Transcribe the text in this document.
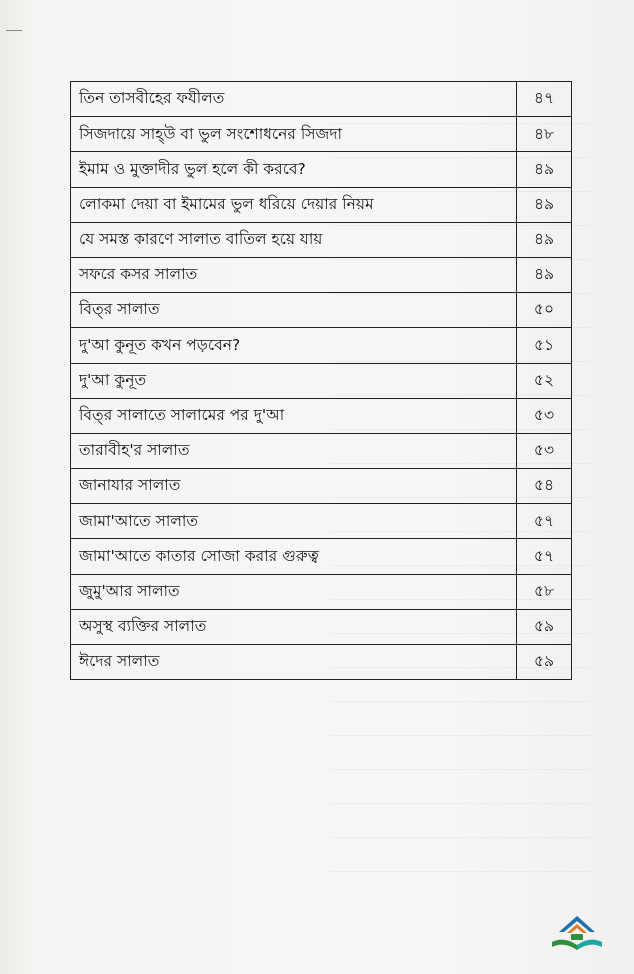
তিন তাসবীহের ফযীলত	৪৭
সিজদায়ে সাহ্উ বা ভুল সংশোধনের সিজদা	৪৮
ইমাম ও মুক্তাদীর ভুল হলে কী করবে?	৪৯
লোকমা দেয়া বা ইমামের ভুল ধরিয়ে দেয়ার নিয়ম	৪৯
যে সমস্ত কারণে সালাত বাতিল হয়ে যায়	৪৯
সফরে কসর সালাত	৪৯
বিত্‌র সালাত	৫০
দু'আ কুনূত কখন পড়বেন?	৫১
দু'আ কুনূত	৫২
বিত্‌র সালাতে সালামের পর দু'আ	৫৩
তারাবীহ'র সালাত	৫৩
জানাযার সালাত	৫৪
জামা'আতে সালাত	৫৭
জামা'আতে কাতার সোজা করার গুরুত্ব	৫৭
জুমু'আর সালাত	৫৮
অসুস্থ ব্যক্তির সালাত	৫৯
ঈদের সালাত	৫৯
